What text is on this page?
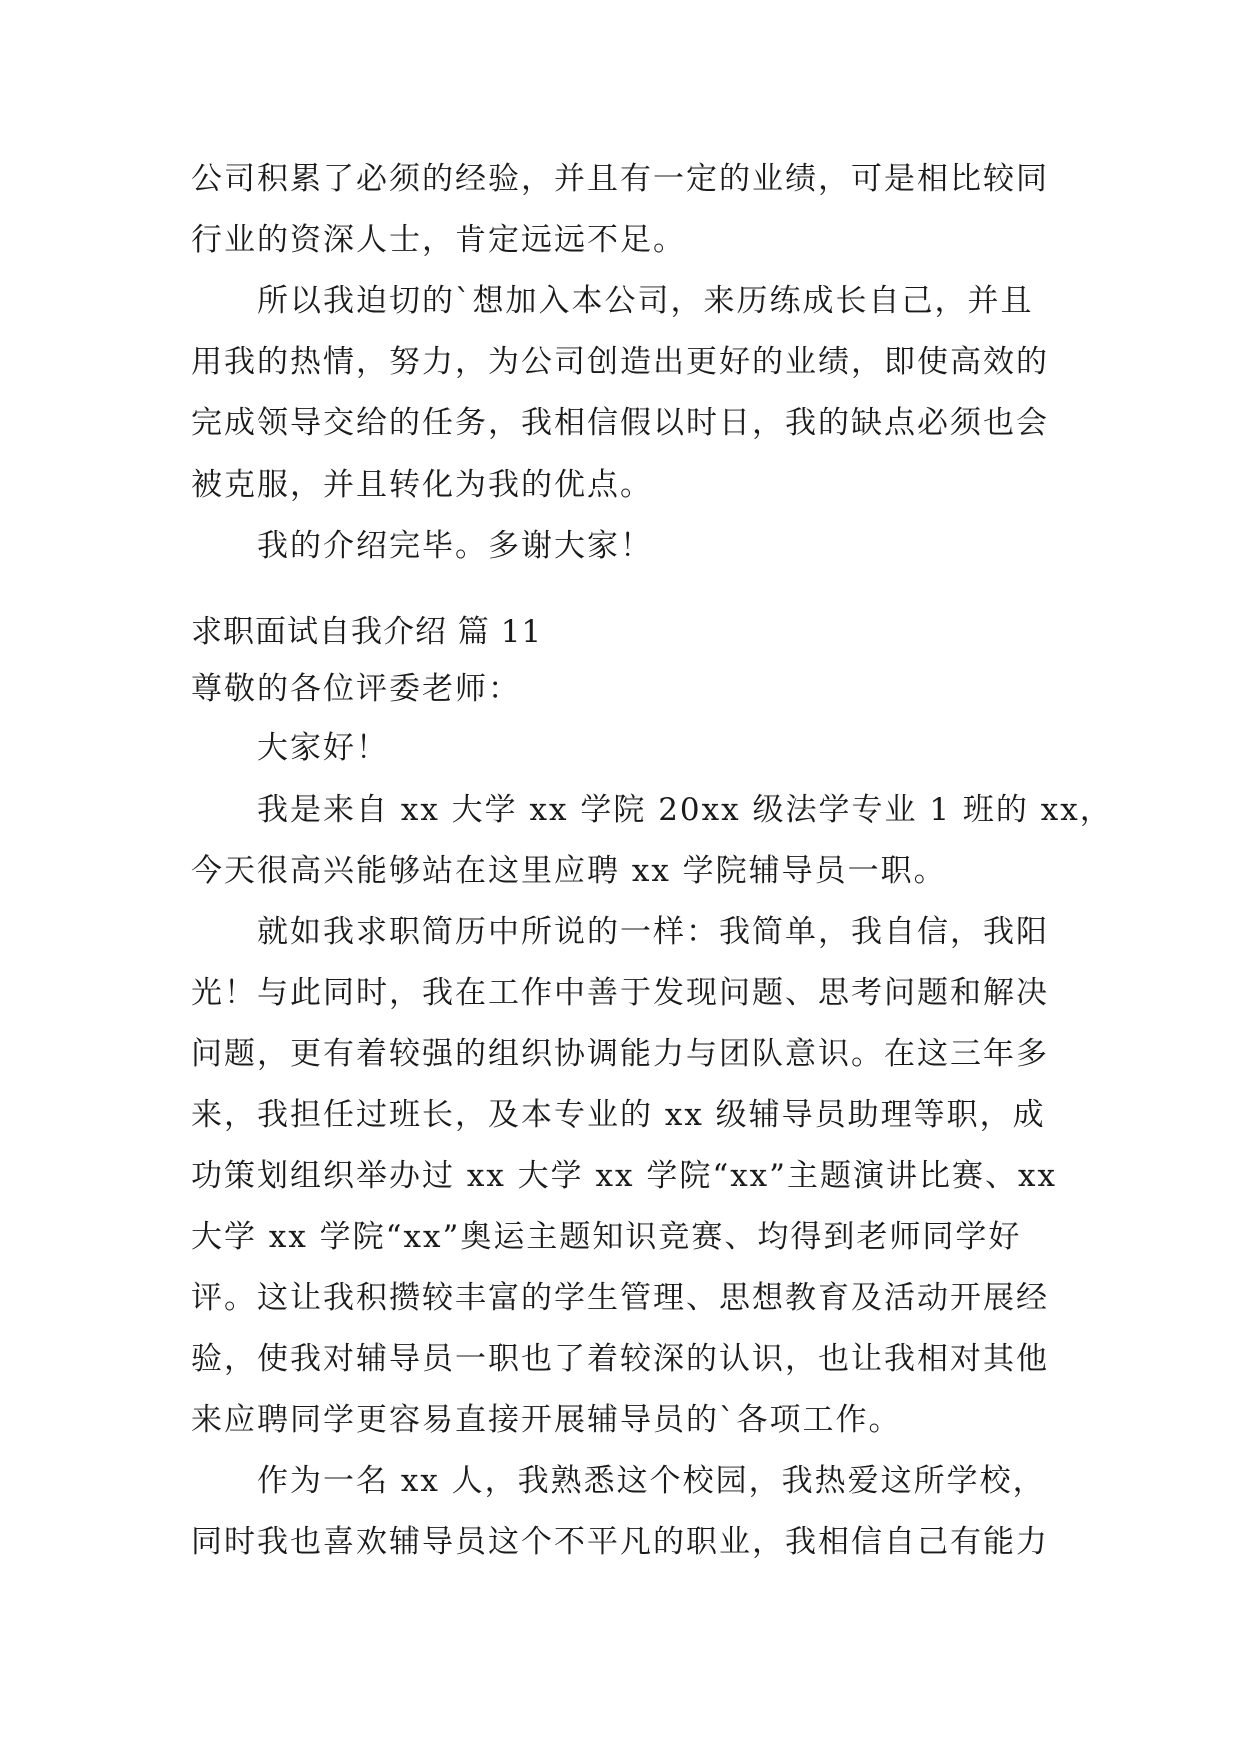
公司积累了必须的经验，并且有一定的业绩，可是相比较同
行业的资深人士，肯定远远不足。
所以我迫切的`想加入本公司，来历练成长自己，并且
用我的热情，努力，为公司创造出更好的业绩，即使高效的
完成领导交给的任务，我相信假以时日，我的缺点必须也会
被克服，并且转化为我的优点。
我的介绍完毕。多谢大家！
求职面试自我介绍 篇 11
尊敬的各位评委老师：
大家好！
我是来自 xx 大学 xx 学院 20xx 级法学专业 1 班的 xx，
今天很高兴能够站在这里应聘 xx 学院辅导员一职。
就如我求职简历中所说的一样：我简单，我自信，我阳
光！与此同时，我在工作中善于发现问题、思考问题和解决
问题，更有着较强的组织协调能力与团队意识。在这三年多
来，我担任过班长，及本专业的 xx 级辅导员助理等职，成
功策划组织举办过 xx 大学 xx 学院“xx”主题演讲比赛、xx
大学 xx 学院“xx”奥运主题知识竞赛、均得到老师同学好
评。这让我积攒较丰富的学生管理、思想教育及活动开展经
验，使我对辅导员一职也了着较深的认识，也让我相对其他
来应聘同学更容易直接开展辅导员的`各项工作。
作为一名 xx 人，我熟悉这个校园，我热爱这所学校，
同时我也喜欢辅导员这个不平凡的职业，我相信自己有能力
